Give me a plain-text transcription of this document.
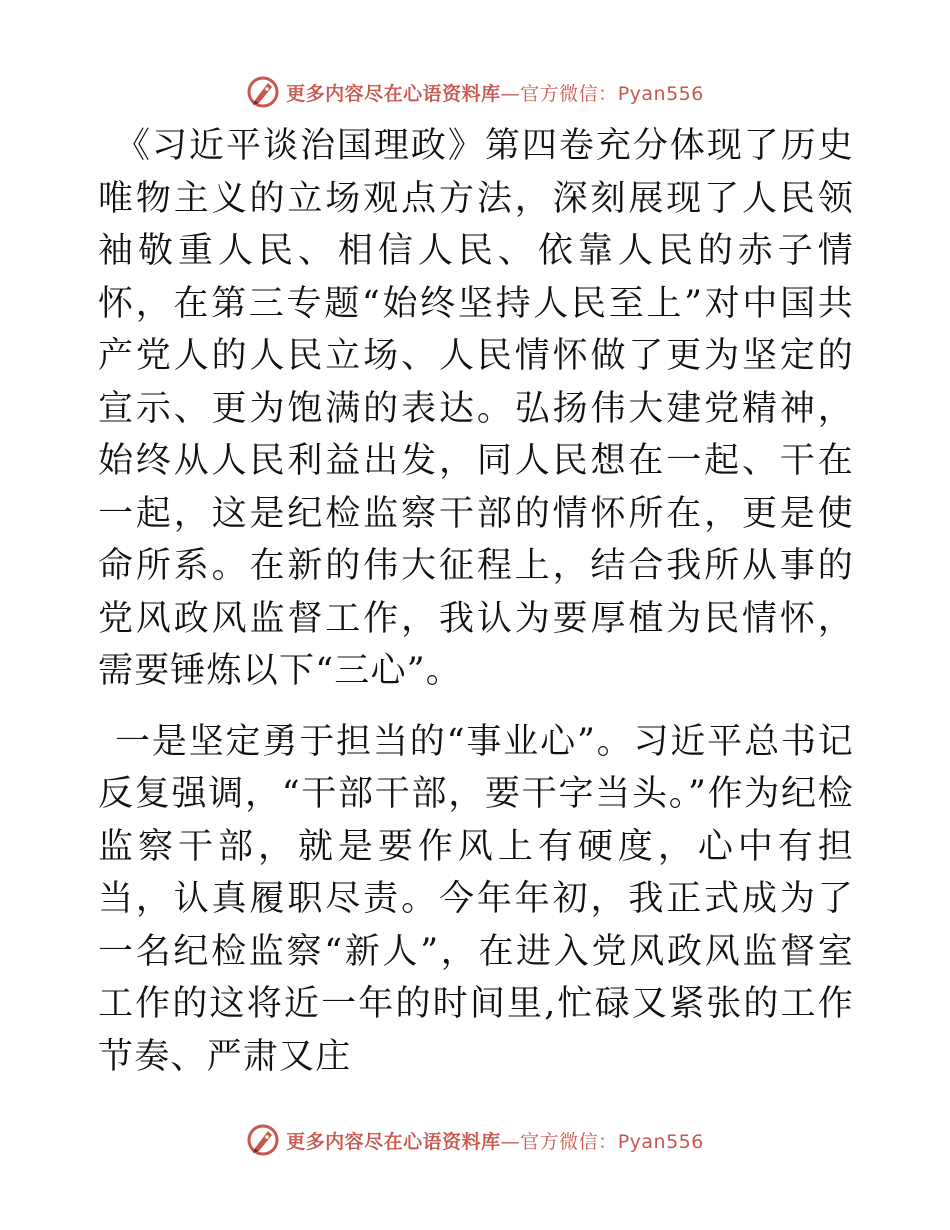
更多内容尽在心语资料库—官方微信：Pyan556

《习近平谈治国理政》第四卷充分体现了历史唯物主义的立场观点方法，深刻展现了人民领袖敬重人民、相信人民、依靠人民的赤子情怀，在第三专题“始终坚持人民至上”对中国共产党人的人民立场、人民情怀做了更为坚定的宣示、更为饱满的表达。弘扬伟大建党精神，始终从人民利益出发，同人民想在一起、干在一起，这是纪检监察干部的情怀所在，更是使命所系。在新的伟大征程上，结合我所从事的党风政风监督工作，我认为要厚植为民情怀，需要锤炼以下“三心”。

一是坚定勇于担当的“事业心”。习近平总书记反复强调，“干部干部，要干字当头。”作为纪检监察干部，就是要作风上有硬度，心中有担当，认真履职尽责。今年年初，我正式成为了一名纪检监察“新人”，在进入党风政风监督室工作的这将近一年的时间里,忙碌又紧张的工作节奏、严肃又庄

更多内容尽在心语资料库—官方微信：Pyan556
